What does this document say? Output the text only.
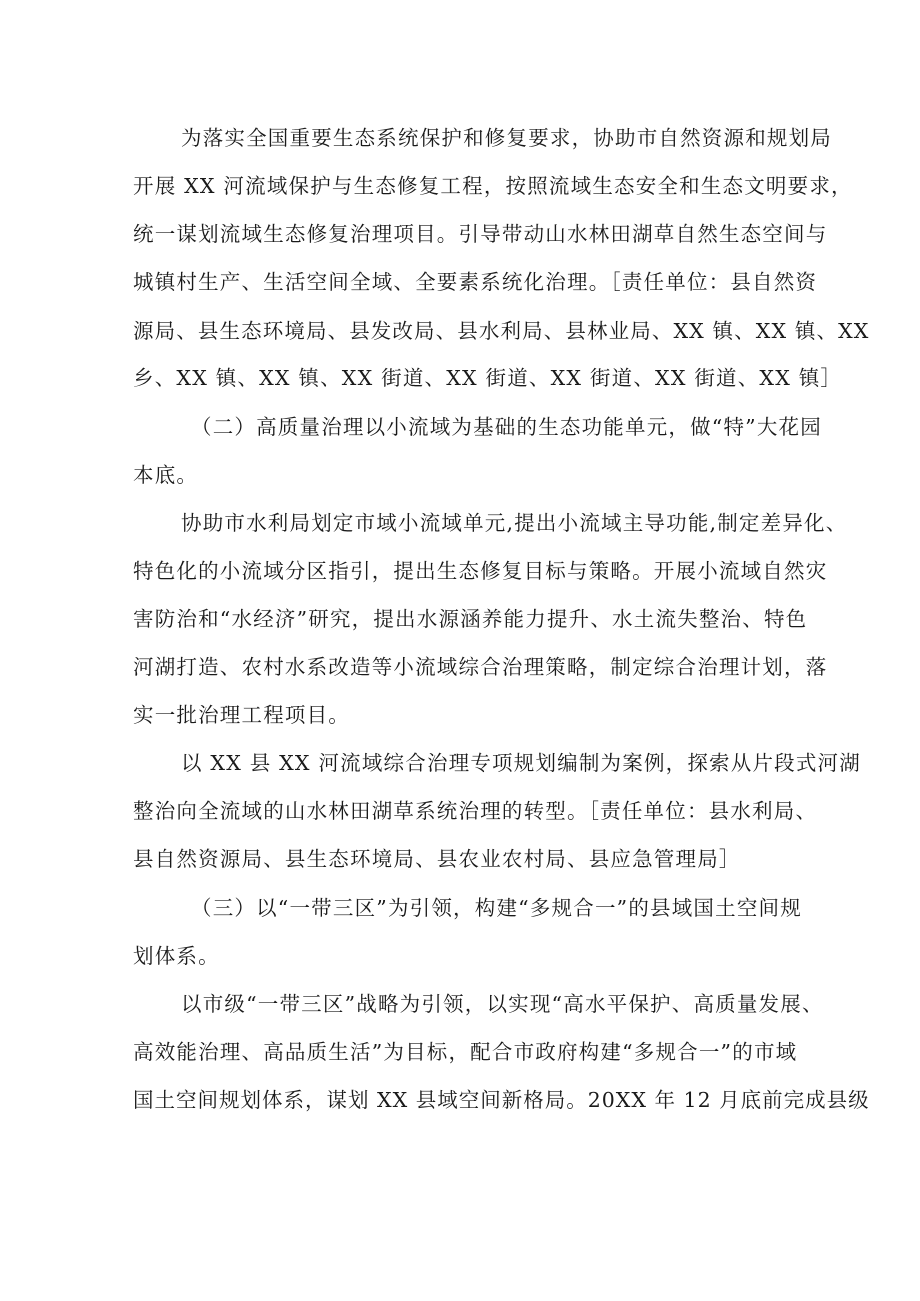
为落实全国重要生态系统保护和修复要求，协助市自然资源和规划局
开展 XX 河流域保护与生态修复工程，按照流域生态安全和生态文明要求，
统一谋划流域生态修复治理项目。引导带动山水林田湖草自然生态空间与
城镇村生产、生活空间全域、全要素系统化治理。［责任单位：县自然资
源局、县生态环境局、县发改局、县水利局、县林业局、XX 镇、XX 镇、XX
乡、XX 镇、XX 镇、XX 街道、XX 街道、XX 街道、XX 街道、XX 镇］
（二）高质量治理以小流域为基础的生态功能单元，做“特”大花园
本底。
协助市水利局划定市域小流域单元,提出小流域主导功能,制定差异化、
特色化的小流域分区指引，提出生态修复目标与策略。开展小流域自然灾
害防治和“水经济”研究，提出水源涵养能力提升、水土流失整治、特色
河湖打造、农村水系改造等小流域综合治理策略，制定综合治理计划，落
实一批治理工程项目。
以 XX 县 XX 河流域综合治理专项规划编制为案例，探索从片段式河湖
整治向全流域的山水林田湖草系统治理的转型。［责任单位：县水利局、
县自然资源局、县生态环境局、县农业农村局、县应急管理局］
（三）以“一带三区”为引领，构建“多规合一”的县域国土空间规
划体系。
以市级“一带三区”战略为引领，以实现“高水平保护、高质量发展、
高效能治理、高品质生活”为目标，配合市政府构建“多规合一”的市域
国土空间规划体系，谋划 XX 县域空间新格局。20XX 年 12 月底前完成县级
